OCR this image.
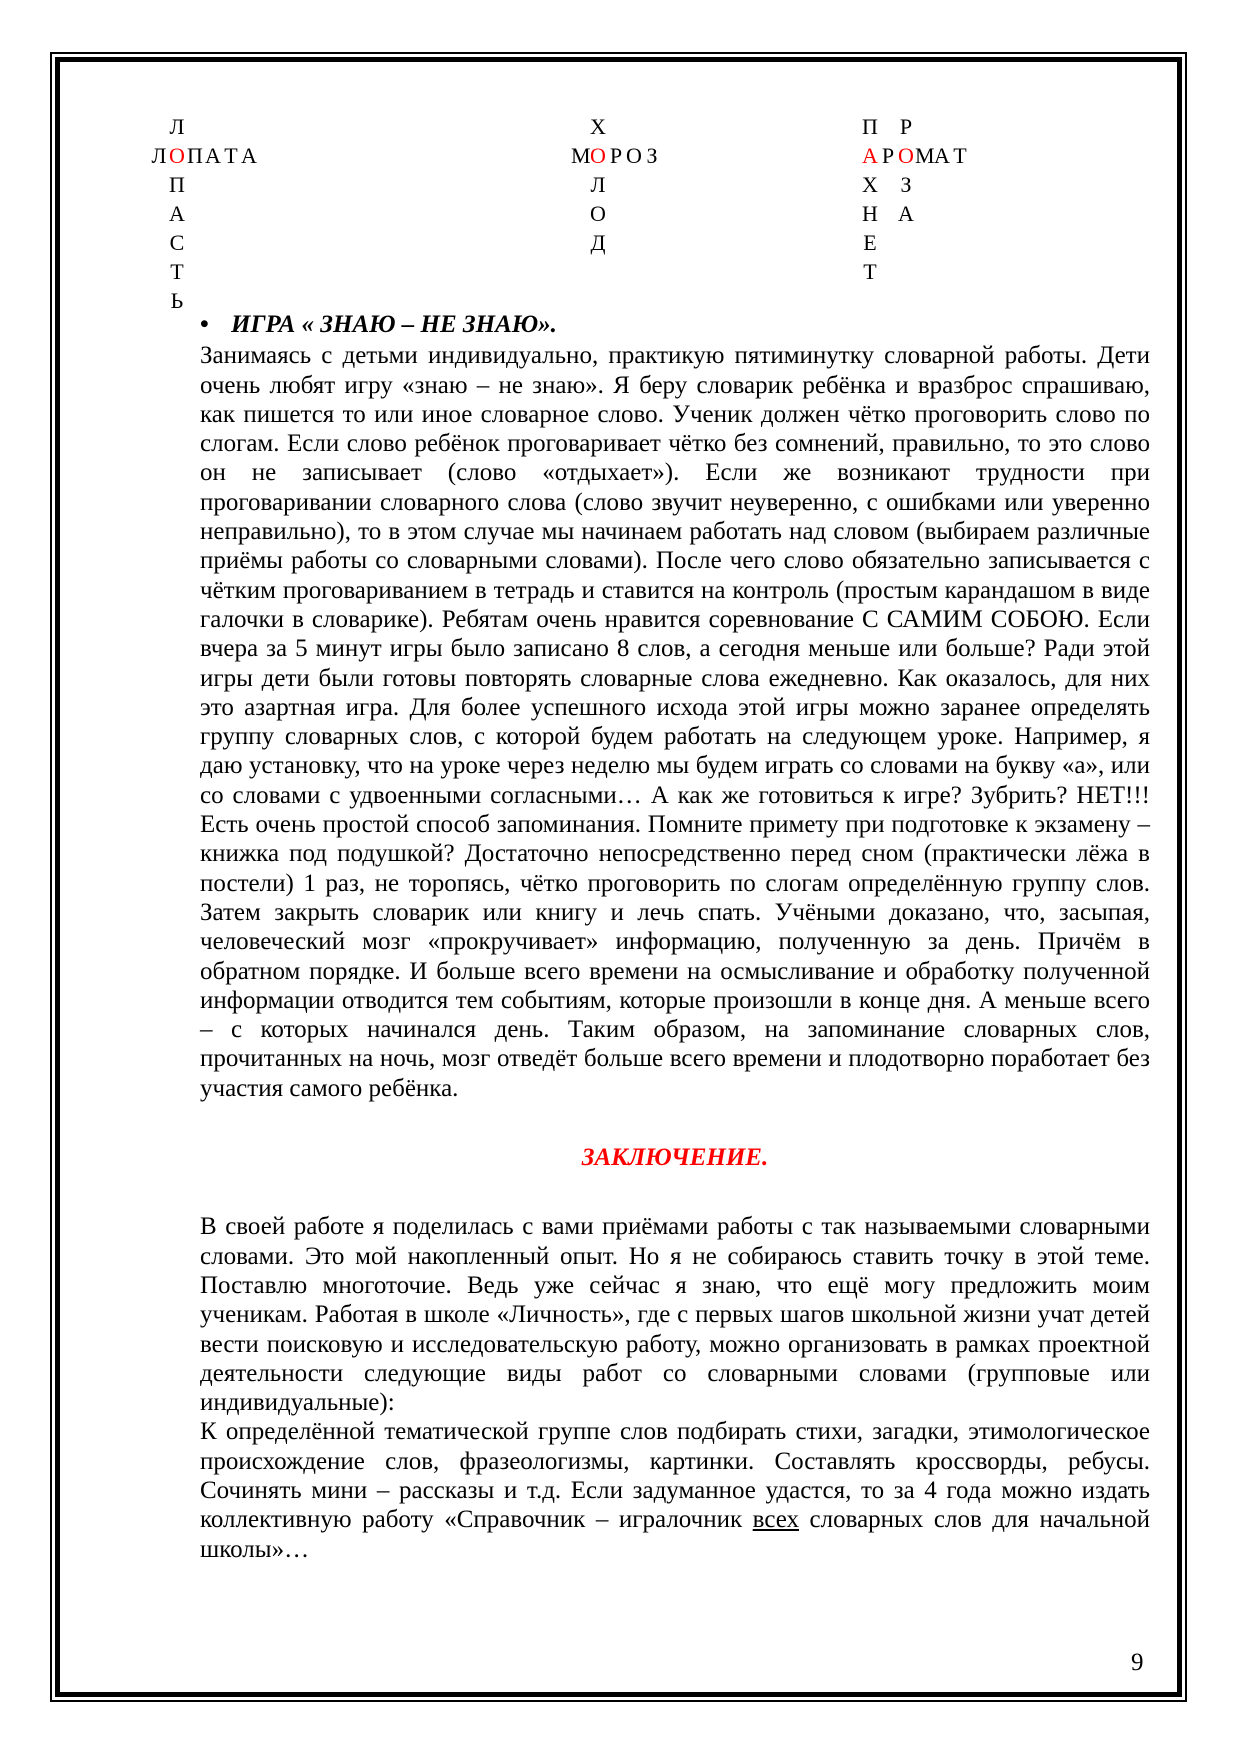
Л
Л ОПА Т А
П
А
С
Т
Ь
Х
МО Р О З
Л
О
Д
П Р
А Р ОМА Т
Х З
Н А
Е
Т
• ИГРА « ЗНАЮ – НЕ ЗНАЮ».

Занимаясь с детьми индивидуально, практикую пятиминутку словарной работы. Дети очень любят игру «знаю – не знаю». Я беру словарик ребёнка и вразброс спрашиваю, как пишется то или иное словарное слово. Ученик должен чётко проговорить слово по слогам. Если слово ребёнок проговаривает чётко без сомнений, правильно, то это слово он не записывает (слово «отдыхает»). Если же возникают трудности при проговаривании словарного слова (слово звучит неуверенно, с ошибками или уверенно неправильно), то в этом случае мы начинаем работать над словом (выбираем различные приёмы работы со словарными словами). После чего слово обязательно записывается с чётким проговариванием в тетрадь и ставится на контроль (простым карандашом в виде галочки в словарике). Ребятам очень нравится соревнование С САМИМ СОБОЮ. Если вчера за 5 минут игры было записано 8 слов, а сегодня меньше или больше? Ради этой игры дети были готовы повторять словарные слова ежедневно. Как оказалось, для них это азартная игра. Для более успешного исхода этой игры можно заранее определять группу словарных слов, с которой будем работать на следующем уроке. Например, я даю установку, что на уроке через неделю мы будем играть со словами на букву «а», или со словами с удвоенными согласными… А как же готовиться к игре? Зубрить? НЕТ!!! Есть очень простой способ запоминания. Помните примету при подготовке к экзамену – книжка под подушкой? Достаточно непосредственно перед сном (практически лёжа в постели) 1 раз, не торопясь, чётко проговорить по слогам определённую группу слов. Затем закрыть словарик или книгу и лечь спать. Учёными доказано, что, засыпая, человеческий мозг «прокручивает» информацию, полученную за день. Причём в обратном порядке. И больше всего времени на осмысливание и обработку полученной информации отводится тем событиям, которые произошли в конце дня. А меньше всего – с которых начинался день. Таким образом, на запоминание словарных слов, прочитанных на ночь, мозг отведёт больше всего времени и плодотворно поработает без участия самого ребёнка.

ЗАКЛЮЧЕНИЕ.

В своей работе я поделилась с вами приёмами работы с так называемыми словарными словами. Это мой накопленный опыт. Но я не собираюсь ставить точку в этой теме. Поставлю многоточие. Ведь уже сейчас я знаю, что ещё могу предложить моим ученикам. Работая в школе «Личность», где с первых шагов школьной жизни учат детей вести поисковую и исследовательскую работу, можно организовать в рамках проектной деятельности следующие виды работ со словарными словами (групповые или индивидуальные):

К определённой тематической группе слов подбирать стихи, загадки, этимологическое происхождение слов, фразеологизмы, картинки. Составлять кроссворды, ребусы. Сочинять мини – рассказы и т.д. Если задуманное удастся, то за 4 года можно издать коллективную работу «Справочник – игралочник всех словарных слов для начальной школы»…

9
